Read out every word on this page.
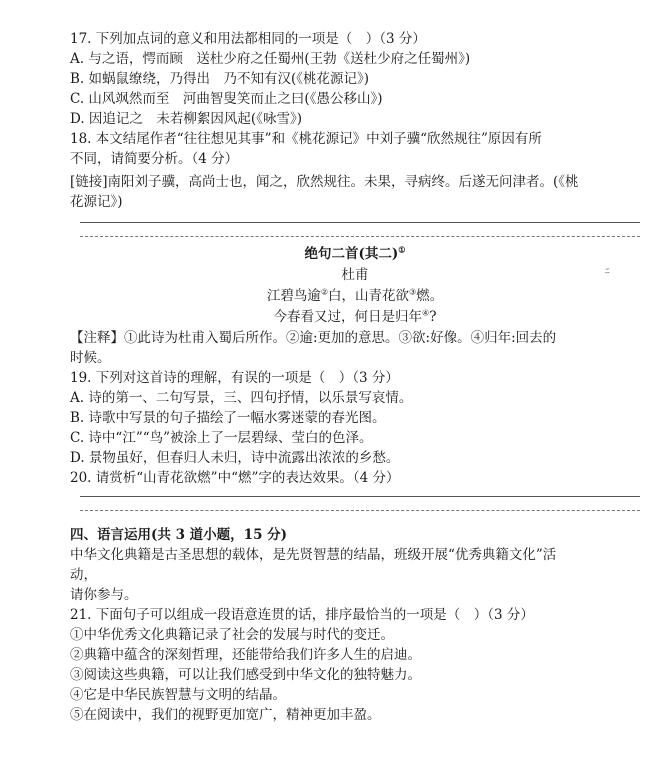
17. 下列加点词的意义和用法都相同的一项是（　）（3 分）
A. 与之语，愕而顾　送杜少府之任蜀州(王勃《送杜少府之任蜀州》)
B. 如蜗鼠缭绕，乃得出　乃不知有汉(《桃花源记》)
C. 山风飒然而至　河曲智叟笑而止之曰(《愚公移山》)
D. 因追记之　未若柳絮因风起(《咏雪》)
18. 本文结尾作者“往往想见其事”和《桃花源记》中刘子骥“欣然规往”原因有所
不同，请简要分析。（4 分）
[链接]南阳刘子骥，高尚士也，闻之，欣然规往。未果，寻病终。后遂无问津者。(《桃
花源记》)
绝句二首(其二)①
杜甫	ﾆ
江碧鸟逾②白，山青花欲③燃。
今春看又过，何日是归年④?
【注释】①此诗为杜甫入蜀后所作。②逾:更加的意思。③欲:好像。④归年:回去的
时候。
19. 下列对这首诗的理解，有误的一项是（　）（3 分）
A. 诗的第一、二句写景，三、四句抒情，以乐景写哀情。
B. 诗歌中写景的句子描绘了一幅水雾迷蒙的春光图。
C. 诗中“江”“鸟”被涂上了一层碧绿、莹白的色泽。
D. 景物虽好，但春归人未归，诗中流露出浓浓的乡愁。
20. 请赏析“山青花欲燃”中“燃”字的表达效果。（4 分）
四、语言运用(共 3 道小题，15 分)
中华文化典籍是古圣思想的载体，是先贤智慧的结晶，班级开展“优秀典籍文化”活
动，
请你参与。
21. 下面句子可以组成一段语意连贯的话，排序最恰当的一项是（　）（3 分）
①中华优秀文化典籍记录了社会的发展与时代的变迁。
②典籍中蕴含的深刻哲理，还能带给我们许多人生的启迪。
③阅读这些典籍，可以让我们感受到中华文化的独特魅力。
④它是中华民族智慧与文明的结晶。
⑤在阅读中，我们的视野更加宽广，精神更加丰盈。
